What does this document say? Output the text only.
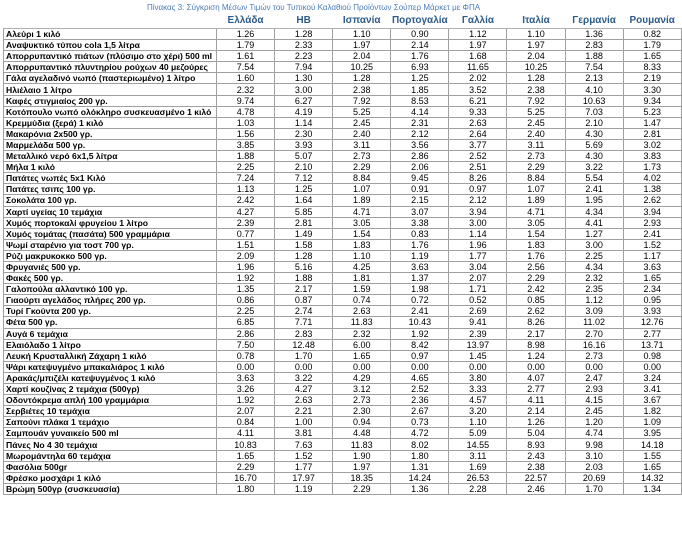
Πίνακας 3: Σύγκριση Μέσων Τιμών του Τυπικού Καλαθιού Προϊόντων Σούπερ Μάρκετ με ΦΠΑ
	Ελλάδα	ΗΒ	Ισπανία	Πορτογαλία	Γαλλία	Ιταλία	Γερμανία	Ρουμανία
Αλεύρι 1 κιλό	1.26	1.28	1.10	0.90	1.12	1.10	1.36	0.82
Αναψυκτικό τύπου cola 1,5 λίτρα	1.79	2.33	1.97	2.14	1.97	1.97	2.83	1.79
Απορρυπαντικό πιάτων (πλύσιμο στο χέρι) 500 ml	1.61	2.23	2.04	1.76	1.68	2.04	1.88	1.65
Απορρυπαντικό πλυντηρίου ρούχων 40 μεζούρες	7.54	7.94	10.25	6.93	11.65	10.25	7.54	8.33
Γάλα αγελαδινό νωπό (παστεριωμένο) 1 λίτρο	1.60	1.30	1.28	1.25	2.02	1.28	2.13	2.19
Ηλιέλαιο 1 λίτρο	2.32	3.00	2.38	1.85	3.52	2.38	4.10	3.30
Καφές στιγμιαίος 200 γρ.	9.74	6.27	7.92	8.53	6.21	7.92	10.63	9.34
Κοτόπουλο νωπό ολόκληρο συσκευασμένο 1 κιλό	4.78	4.19	5.25	4.14	9.33	5.25	7.03	5.23
Κρεμμύδια (ξερά) 1 κιλό	1.03	1.14	2.45	2.31	2.63	2.45	2.10	1.47
Μακαρόνια 2x500 γρ.	1.56	2.30	2.40	2.12	2.64	2.40	4.30	2.81
Μαρμελάδα 500 γρ.	3.85	3.93	3.11	3.56	3.77	3.11	5.69	3.02
Μεταλλικό νερό 6x1,5 λίτρα	1.88	5.07	2.73	2.86	2.52	2.73	4.30	3.83
Μήλα 1 κιλό	2.25	2.10	2.29	2.06	2.51	2.29	3.22	1.73
Πατάτες νωπές 5x1 Κιλό	7.24	7.12	8.84	9.45	8.26	8.84	5.54	4.02
Πατάτες τσιπς 100 γρ.	1.13	1.25	1.07	0.91	0.97	1.07	2.41	1.38
Σοκολάτα 100 γρ.	2.42	1.64	1.89	2.15	2.12	1.89	1.95	2.62
Χαρτί υγείας 10 τεμάχια	4.27	5.85	4.71	3.07	3.94	4.71	4.34	3.94
Χυμός πορτοκαλί φρυγείου 1 λίτρο	2.39	2.81	3.05	3.38	3.00	3.05	4.41	2.93
Χυμός τομάτας (πασάτα) 500 γραμμάρια	0.77	1.49	1.54	0.83	1.14	1.54	1.27	2.41
Ψωμί σταρένιο για τοστ 700 γρ.	1.51	1.58	1.83	1.76	1.96	1.83	3.00	1.52
Ρύζι μακρυκοκκο 500 γρ.	2.09	1.28	1.10	1.19	1.77	1.76	2.25	1.17
Φρυγανιές 500 γρ.	1.96	5.16	4.25	3.63	3.04	2.56	4.34	3.63
Φακές 500 γρ.	1.92	1.88	1.81	1.37	2.07	2.29	2.32	1.65
Γαλοπούλα αλλαντικό 100 γρ.	1.35	2.17	1.59	1.98	1.71	2.42	2.35	2.34
Γιαούρτι αγελάδος πλήρες 200 γρ.	0.86	0.87	0.74	0.72	0.52	0.85	1.12	0.95
Τυρί Γκούντα 200 γρ.	2.25	2.74	2.63	2.41	2.69	2.62	3.09	3.93
Φέτα 500 γρ.	6.85	7.71	11.83	10.43	9.41	8.26	11.02	12.76
Αυγά 6 τεμάχια	2.86	2.83	2.32	1.92	2.39	2.17	2.70	2.77
Ελαιόλαδο 1 λίτρο	7.50	12.48	6.00	8.42	13.97	8.98	16.16	13.71
Λευκή Κρυσταλλική Ζάχαρη 1 κιλό	0.78	1.70	1.65	0.97	1.45	1.24	2.73	0.98
Ψάρι κατεψυγμένο μπακαλιάρος 1 κιλό	0.00	0.00	0.00	0.00	0.00	0.00	0.00	0.00
Αρακάς/μπιζέλι κατεψυγμένος 1 κιλό	3.63	3.22	4.29	4.65	3.80	4.07	2.47	3.24
Χαρτί κουζίνας 2 τεμάχια (500γρ)	3.26	4.27	3.12	2.52	3.33	2.77	2.93	3.41
Οδοντόκρεμα απλή 100 γραμμάρια	1.92	2.63	2.73	2.36	4.57	4.11	4.15	3.67
Σερβιέτες 10 τεμάχια	2.07	2.21	2.30	2.67	3.20	2.14	2.45	1.82
Σαπούνι πλάκα 1 τεμάχιο	0.84	1.00	0.94	0.73	1.10	1.26	1.20	1.09
Σαμπουάν γυναικείο 500 ml	4.11	3.81	4.48	4.72	5.09	5.04	4.74	3.95
Πάνες Νο 4 30 τεμάχια	10.83	7.63	11.83	8.02	14.55	8.93	9.98	14.18
Μωρομάντηλα 60 τεμάχια	1.65	1.52	1.90	1.80	3.11	2.43	3.10	1.55
Φασόλια 500gr	2.29	1.77	1.97	1.31	1.69	2.38	2.03	1.65
Φρέσκο μοσχάρι 1 κιλό	16.70	17.97	18.35	14.24	26.53	22.57	20.69	14.32
Βρώμη 500γρ (συσκευασία)	1.80	1.19	2.29	1.36	2.28	2.46	1.70	1.34
